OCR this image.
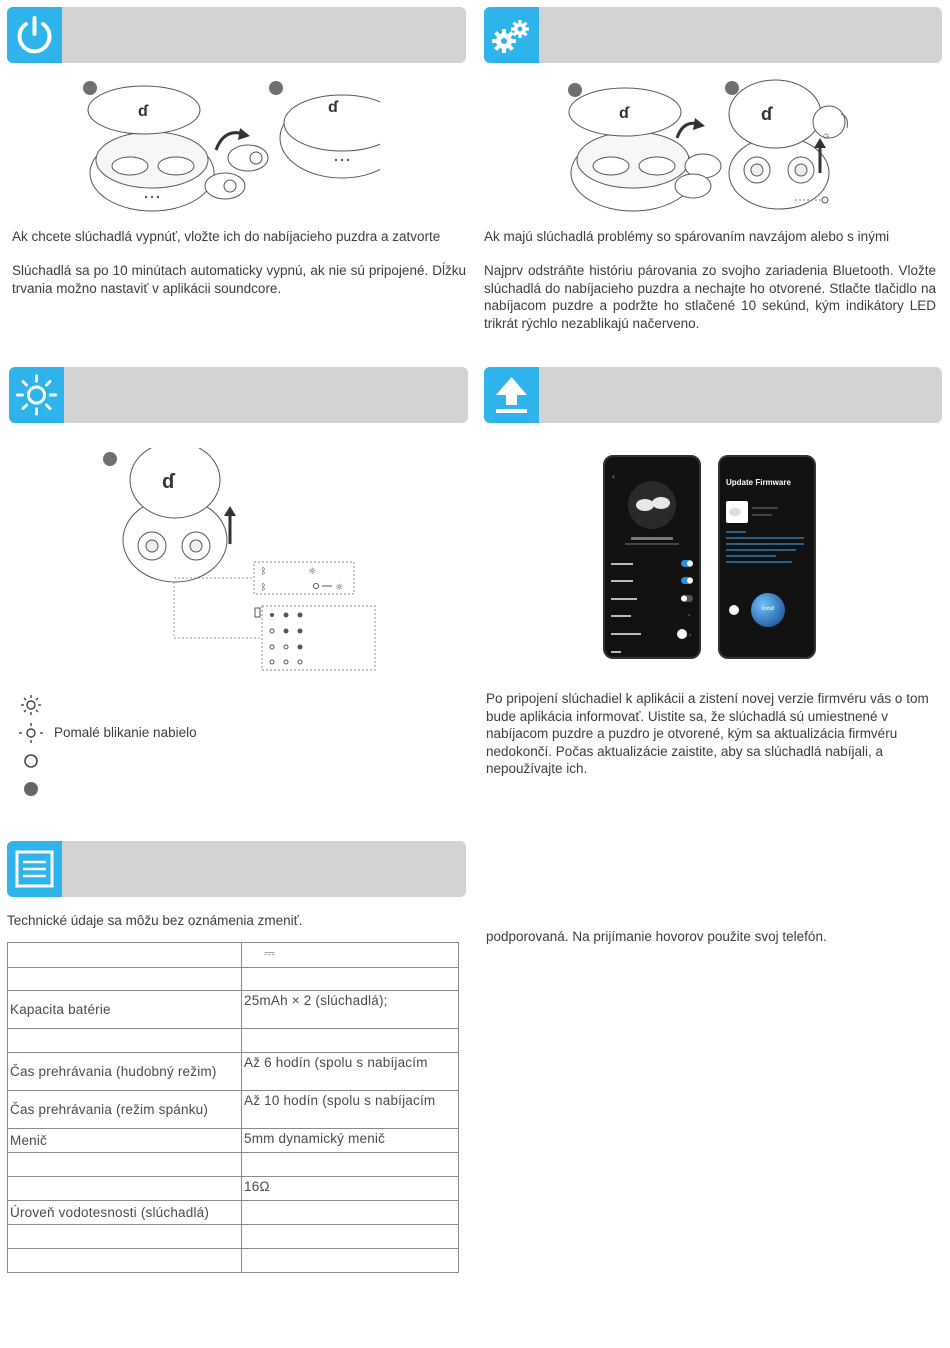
ɗ	ɗ
Ak chcete slúchadlá vypnúť, vložte ich do nabíjacieho puzdra a zatvorte
Slúchadlá sa po 10 minútach automaticky vypnú, ak nie sú pripojené. Dĺžku trvania možno nastaviť v aplikácii soundcore.
ɗ	ɗ
◷
Ak majú slúchadlá problémy so spárovaním navzájom alebo s inými
Najprv odstráňte históriu párovania zo svojho zariadenia Bluetooth. Vložte slúchadlá do nabíjacieho puzdra a nechajte ho otvorené. Stlačte tlačidlo na nabíjacom puzdre a podržte ho stlačené 10 sekúnd, kým indikátory LED trikrát rýchlo nezablikajú načerveno.
ɗ
ᛒ	☼
ᛒ	☼
Pomalé blikanie nabielo
‹
›
›
Update Firmware
Install
Po pripojení slúchadiel k aplikácii a zistení novej verzie firmvéru vás o tom bude aplikácia informovať. Uistite sa, že slúchadlá sú umiestnené v nabíjacom puzdre a puzdro je otvorené, kým sa aktualizácia firmvéru nedokončí. Počas aktualizácie zaistite, aby sa slúchadlá nabíjali, a nepoužívajte ich.
Technické údaje sa môžu bez oznámenia zmeniť.
	⎓

Kapacita batérie	25mAh × 2 (slúchadlá);

Čas prehrávania (hudobný režim)	Až 6 hodín (spolu s nabíjacím
Čas prehrávania (režim spánku)	Až 10 hodín (spolu s nabíjacím
Menič	5mm dynamický menič

	16Ω
Úroveň vodotesnosti (slúchadlá)	

podporovaná. Na prijímanie hovorov použite svoj telefón.
